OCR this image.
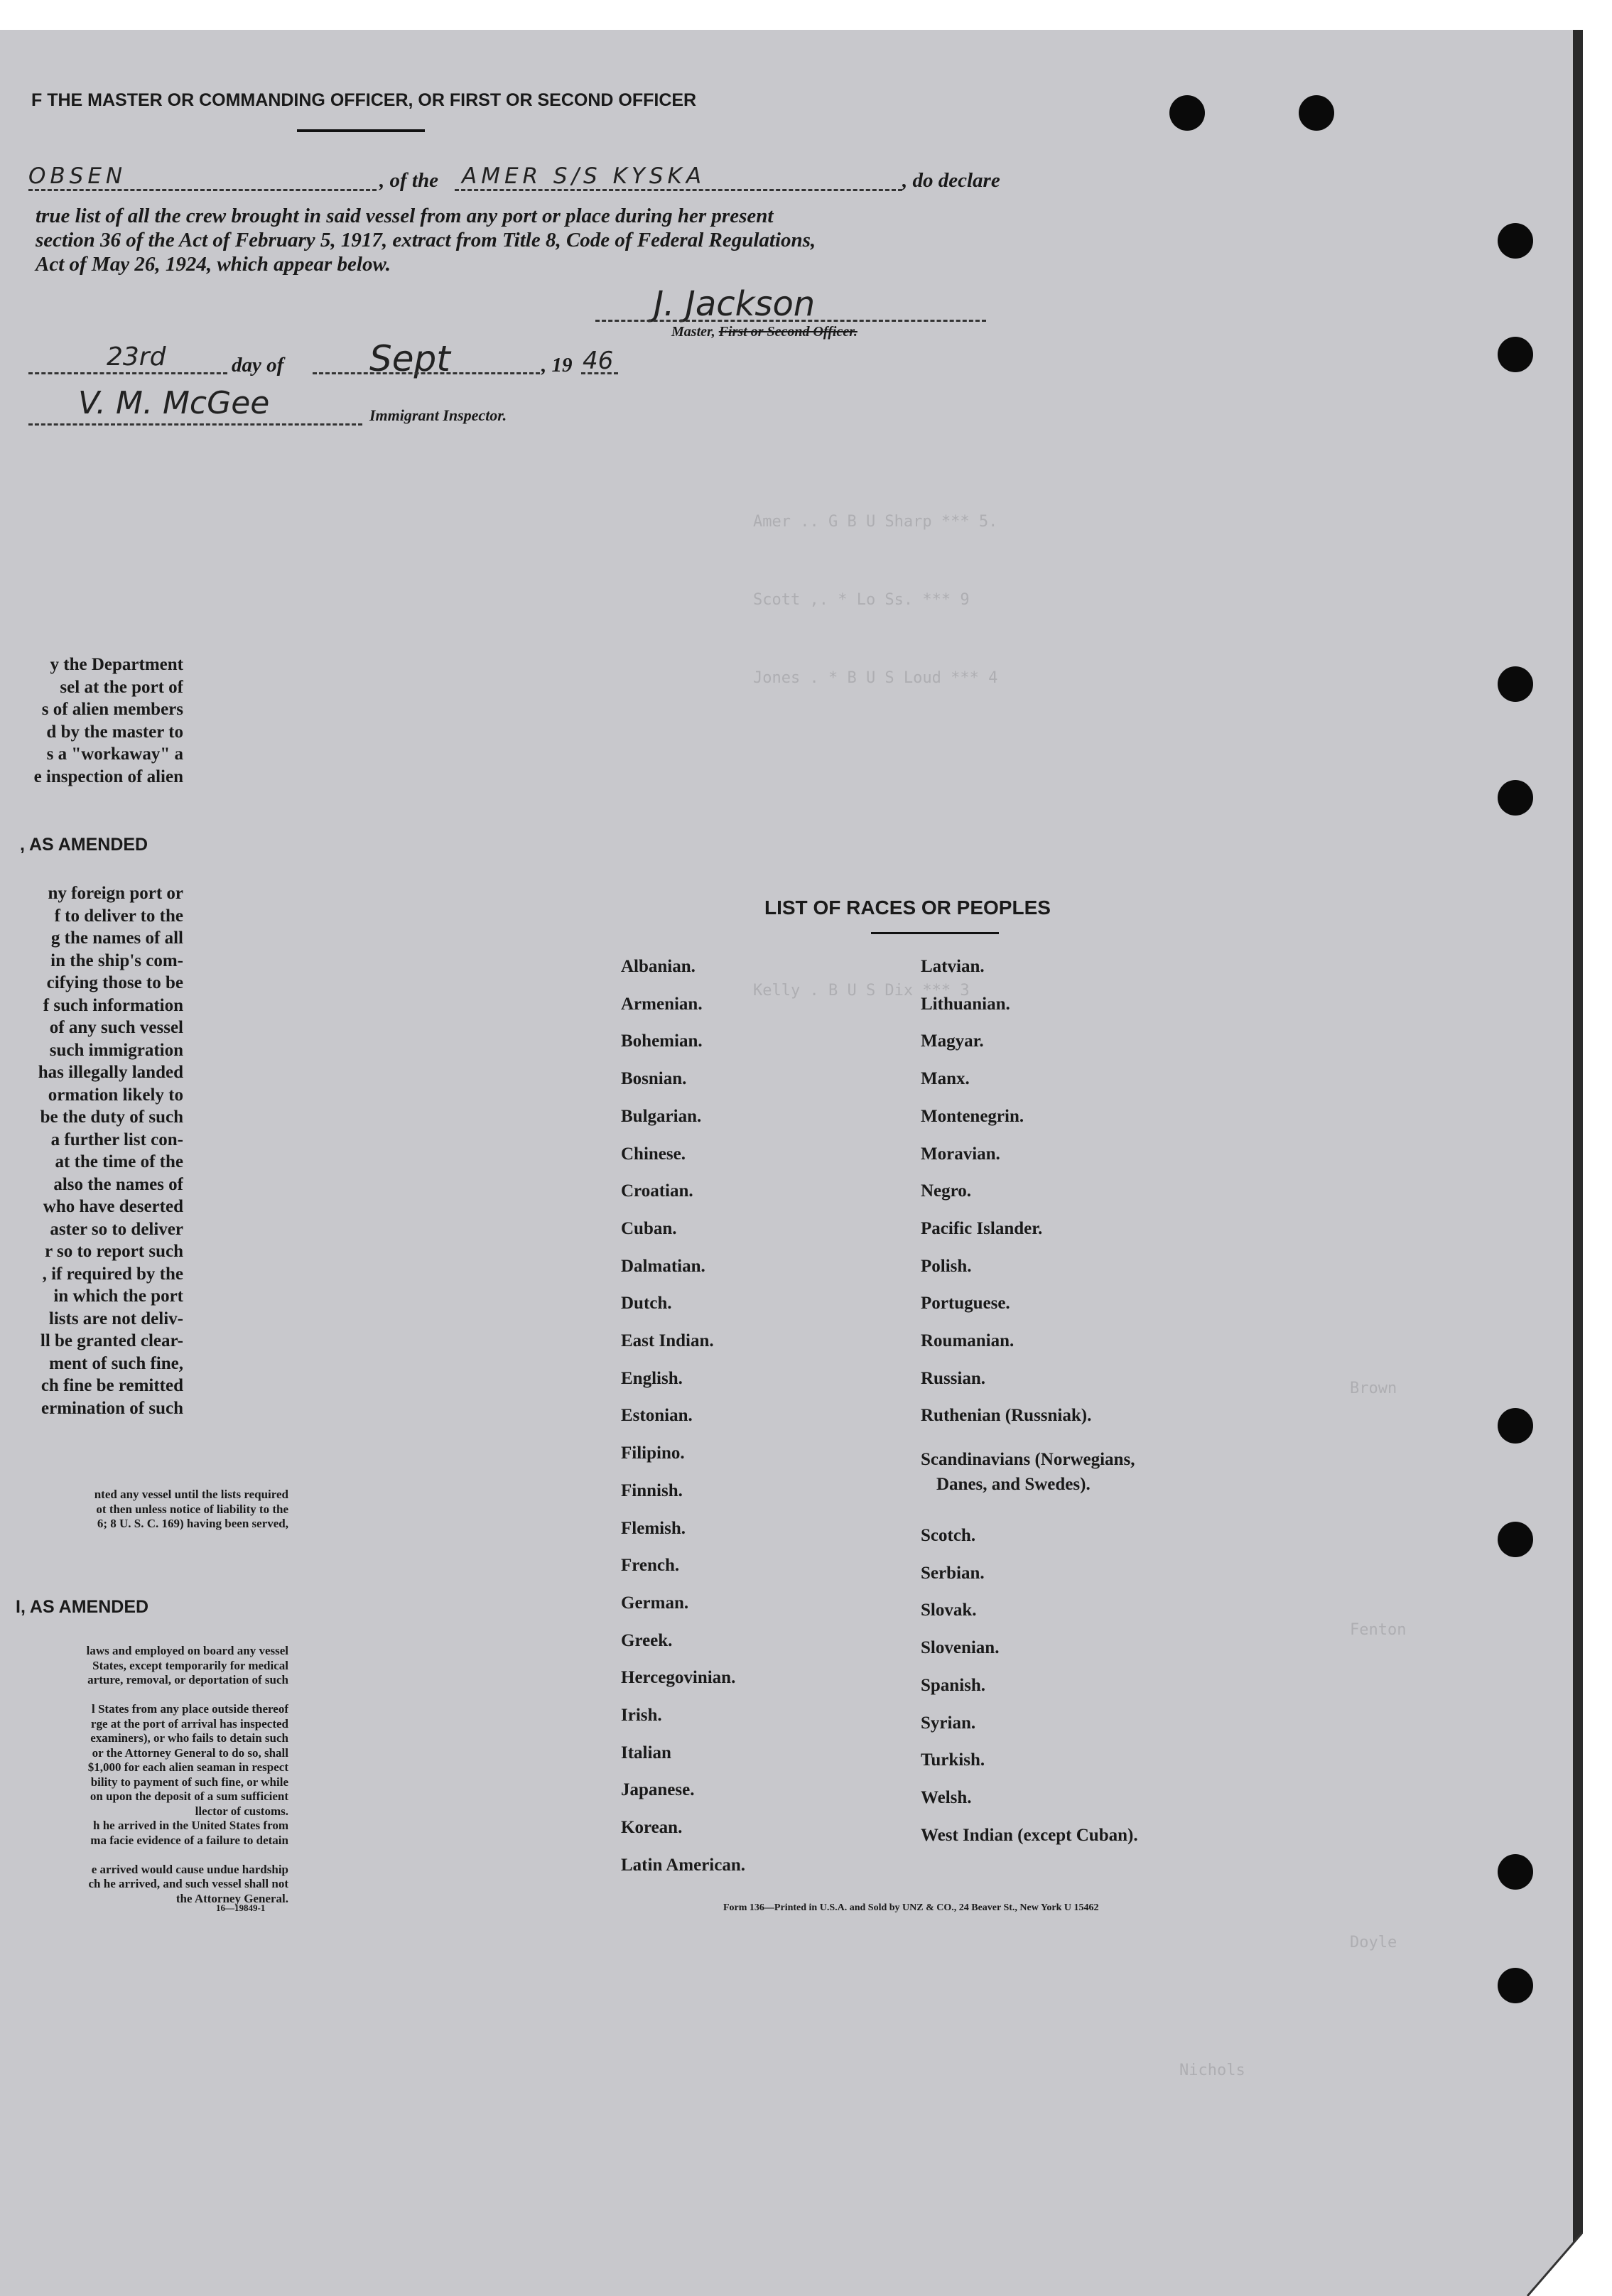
Amer .. G B U Sharp *** 5.
Scott ,. * Lo Ss. *** 9
Jones . * B U S Loud *** 4
Kelly . B U S Dix *** 3
Brown
Fenton
Doyle
Nichols
F THE MASTER OR COMMANDING OFFICER, OR FIRST OR SECOND OFFICER
OBSEN	, of the AMER S/S KYSKA	, do declare
true list of all the crew brought in said vessel from any port or place during her present
section 36 of the Act of February 5, 1917, extract from Title 8, Code of Federal Regulations,
Act of May 26, 1924, which appear below.
J. Jackson
Master, First or Second Officer.
23rd	day of Sept	, 19 46
V. M. McGee	Immigrant Inspector.
y the Department
sel at the port of
s of alien members
d by the master to
s a "workaway" a
e inspection of alien
, AS AMENDED
ny foreign port or
f to deliver to the
g the names of all
in the ship's com-
cifying those to be
f such information
of any such vessel
such immigration
has illegally landed
ormation likely to
be the duty of such
a further list con-
at the time of the
also the names of
who have deserted
aster so to deliver
r so to report such
, if required by the
in which the port
lists are not deliv-
ll be granted clear-
ment of such fine,
ch fine be remitted
ermination of such
nted any vessel until the lists required
ot then unless notice of liability to the
6; 8 U. S. C. 169) having been served,
I, AS AMENDED
laws and employed on board any vessel
States, except temporarily for medical
arture, removal, or deportation of such

l States from any place outside thereof
rge at the port of arrival has inspected
examiners), or who fails to detain such
or the Attorney General to do so, shall
$1,000 for each alien seaman in respect
bility to payment of such fine, or while
on upon the deposit of a sum sufficient
llector of customs.
h he arrived in the United States from
ma facie evidence of a failure to detain

e arrived would cause undue hardship
ch he arrived, and such vessel shall not
the Attorney General.
16—19849-1
LIST OF RACES OR PEOPLES
Form 136—Printed in U.S.A. and Sold by UNZ & CO., 24 Beaver St., New York U 15462
Albanian.
Armenian.
Bohemian.
Bosnian.
Bulgarian.
Chinese.
Croatian.
Cuban.
Dalmatian.
Dutch.
East Indian.
English.
Estonian.
Filipino.
Finnish.
Flemish.
French.
German.
Greek.
Hercegovinian.
Irish.
Italian
Japanese.
Korean.
Latin American.
Latvian.
Lithuanian.
Magyar.
Manx.
Montenegrin.
Moravian.
Negro.
Pacific Islander.
Polish.
Portuguese.
Roumanian.
Russian.
Ruthenian (Russniak).
Scandinavians (Norwegians,
Danes, and Swedes).
Scotch.
Serbian.
Slovak.
Slovenian.
Spanish.
Syrian.
Turkish.
Welsh.
West Indian (except Cuban).
